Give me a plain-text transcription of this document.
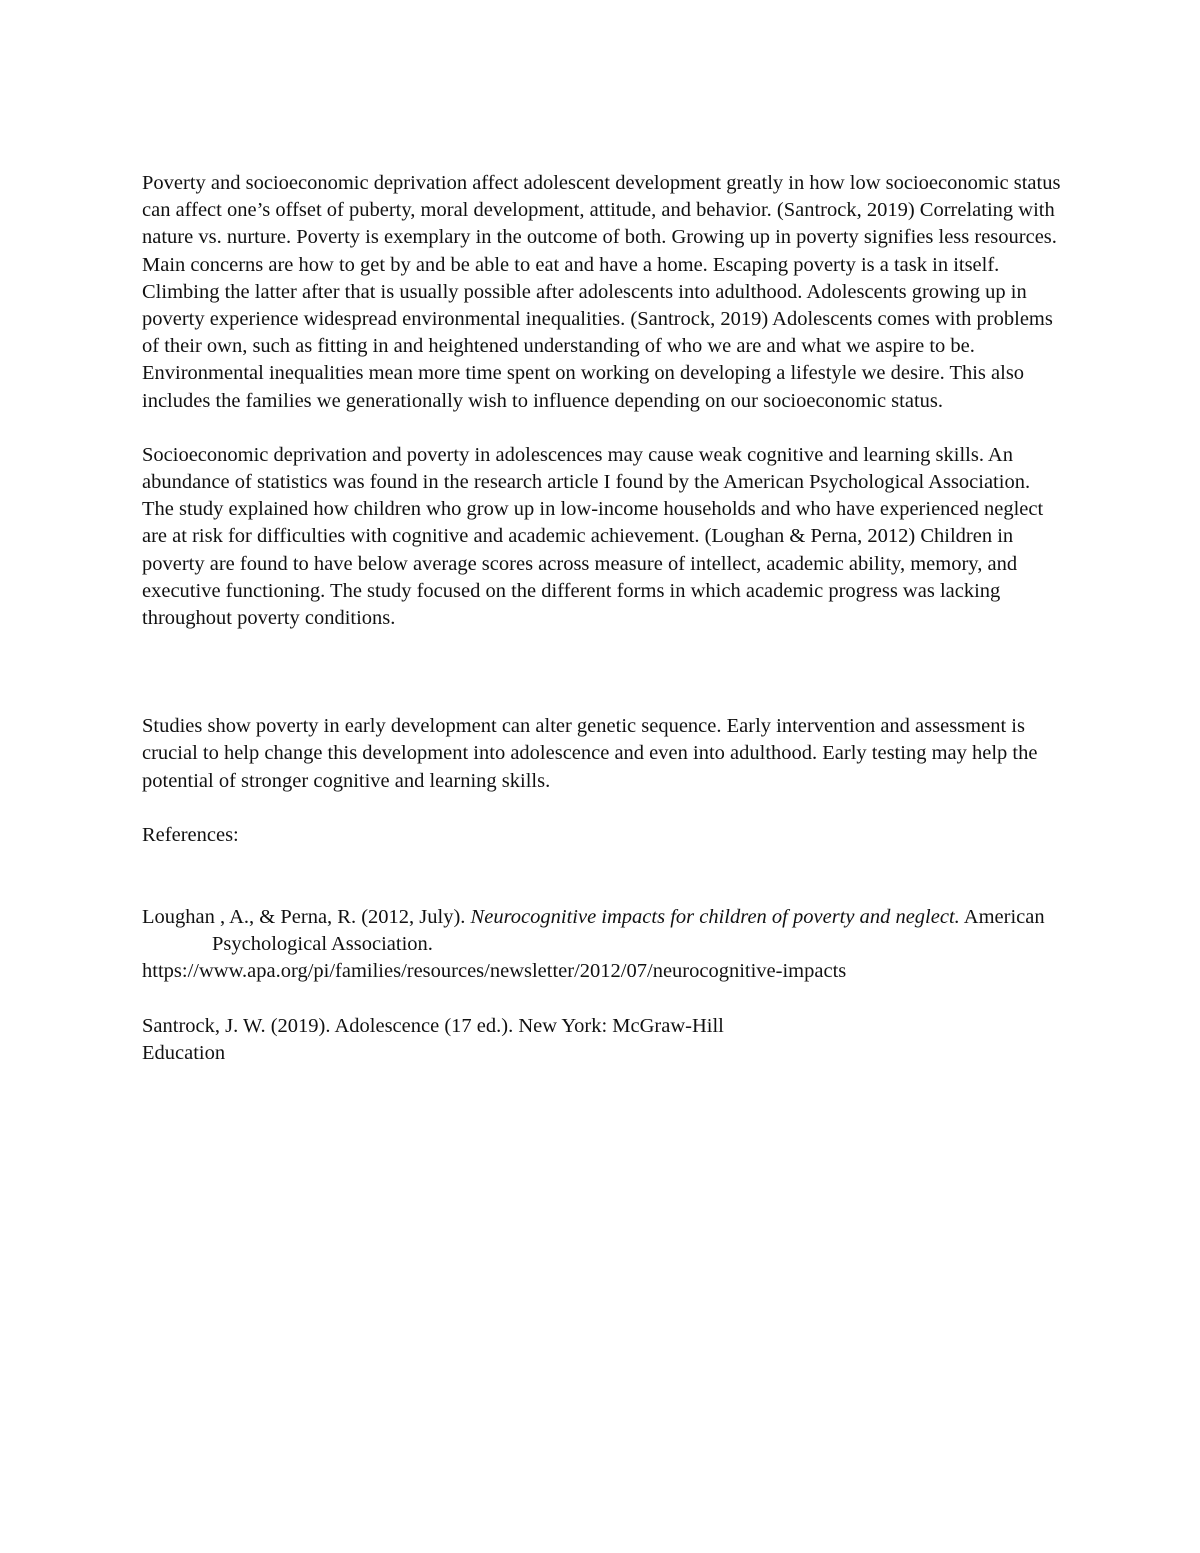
Poverty and socioeconomic deprivation affect adolescent development greatly in how low socioeconomic status can affect one’s offset of puberty, moral development, attitude, and behavior. (Santrock, 2019) Correlating with nature vs. nurture. Poverty is exemplary in the outcome of both. Growing up in poverty signifies less resources. Main concerns are how to get by and be able to eat and have a home. Escaping poverty is a task in itself. Climbing the latter after that is usually possible after adolescents into adulthood. Adolescents growing up in poverty experience widespread environmental inequalities. (Santrock, 2019) Adolescents comes with problems of their own, such as fitting in and heightened understanding of who we are and what we aspire to be. Environmental inequalities mean more time spent on working on developing a lifestyle we desire. This also includes the families we generationally wish to influence depending on our socioeconomic status.

Socioeconomic deprivation and poverty in adolescences may cause weak cognitive and learning skills. An abundance of statistics was found in the research article I found by the American Psychological Association. The study explained how children who grow up in low-income households and who have experienced neglect are at risk for difficulties with cognitive and academic achievement. (Loughan & Perna, 2012) Children in poverty are found to have below average scores across measure of intellect, academic ability, memory, and executive functioning. The study focused on the different forms in which academic progress was lacking throughout poverty conditions.

Studies show poverty in early development can alter genetic sequence. Early intervention and assessment is crucial to help change this development into adolescence and even into adulthood. Early testing may help the potential of stronger cognitive and learning skills.

References:

Loughan , A., & Perna, R. (2012, July). Neurocognitive impacts for children of poverty and neglect. American Psychological Association.
https://www.apa.org/pi/families/resources/newsletter/2012/07/neurocognitive-impacts

Santrock, J. W. (2019). Adolescence (17 ed.). New York: McGraw-Hill
Education
